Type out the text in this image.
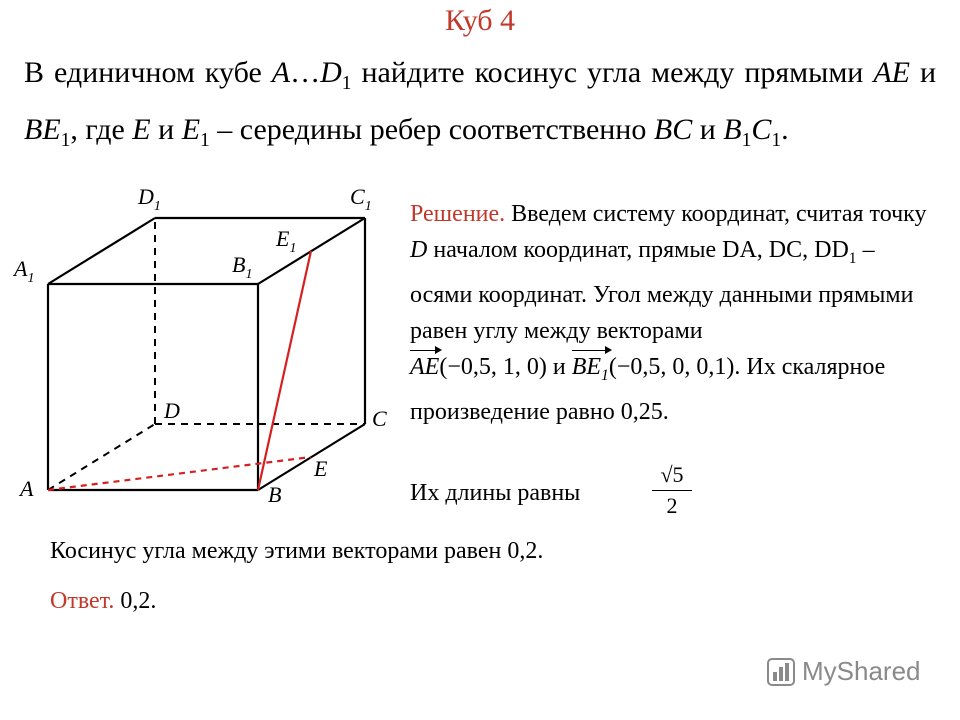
Куб 4
В единичном кубе $A\dots D_1$ найдите косинус угла между прямыми AE и $BE_1$, где E и $E_1$ – середины ребер соответственно BC и $B_1C_1$.
$D_1$	$C_1$
$A_1$
$B_1$
$E_1$
D	C
E
A	B
Решение. Введем систему координат, считая точку D началом координат, прямые DA, DC, $DD_1$ – осями координат. Угол между данными прямыми равен углу между векторами
AE(−0,5, 1, 0) и $BE_1(-0,5$, 0, 0,1). Их скалярное произведение равно 0,25.
Их длины равны	$\frac{√5}{2}$
Косинус угла между этими векторами равен 0,2.
Ответ. 0,2.
MyShared
